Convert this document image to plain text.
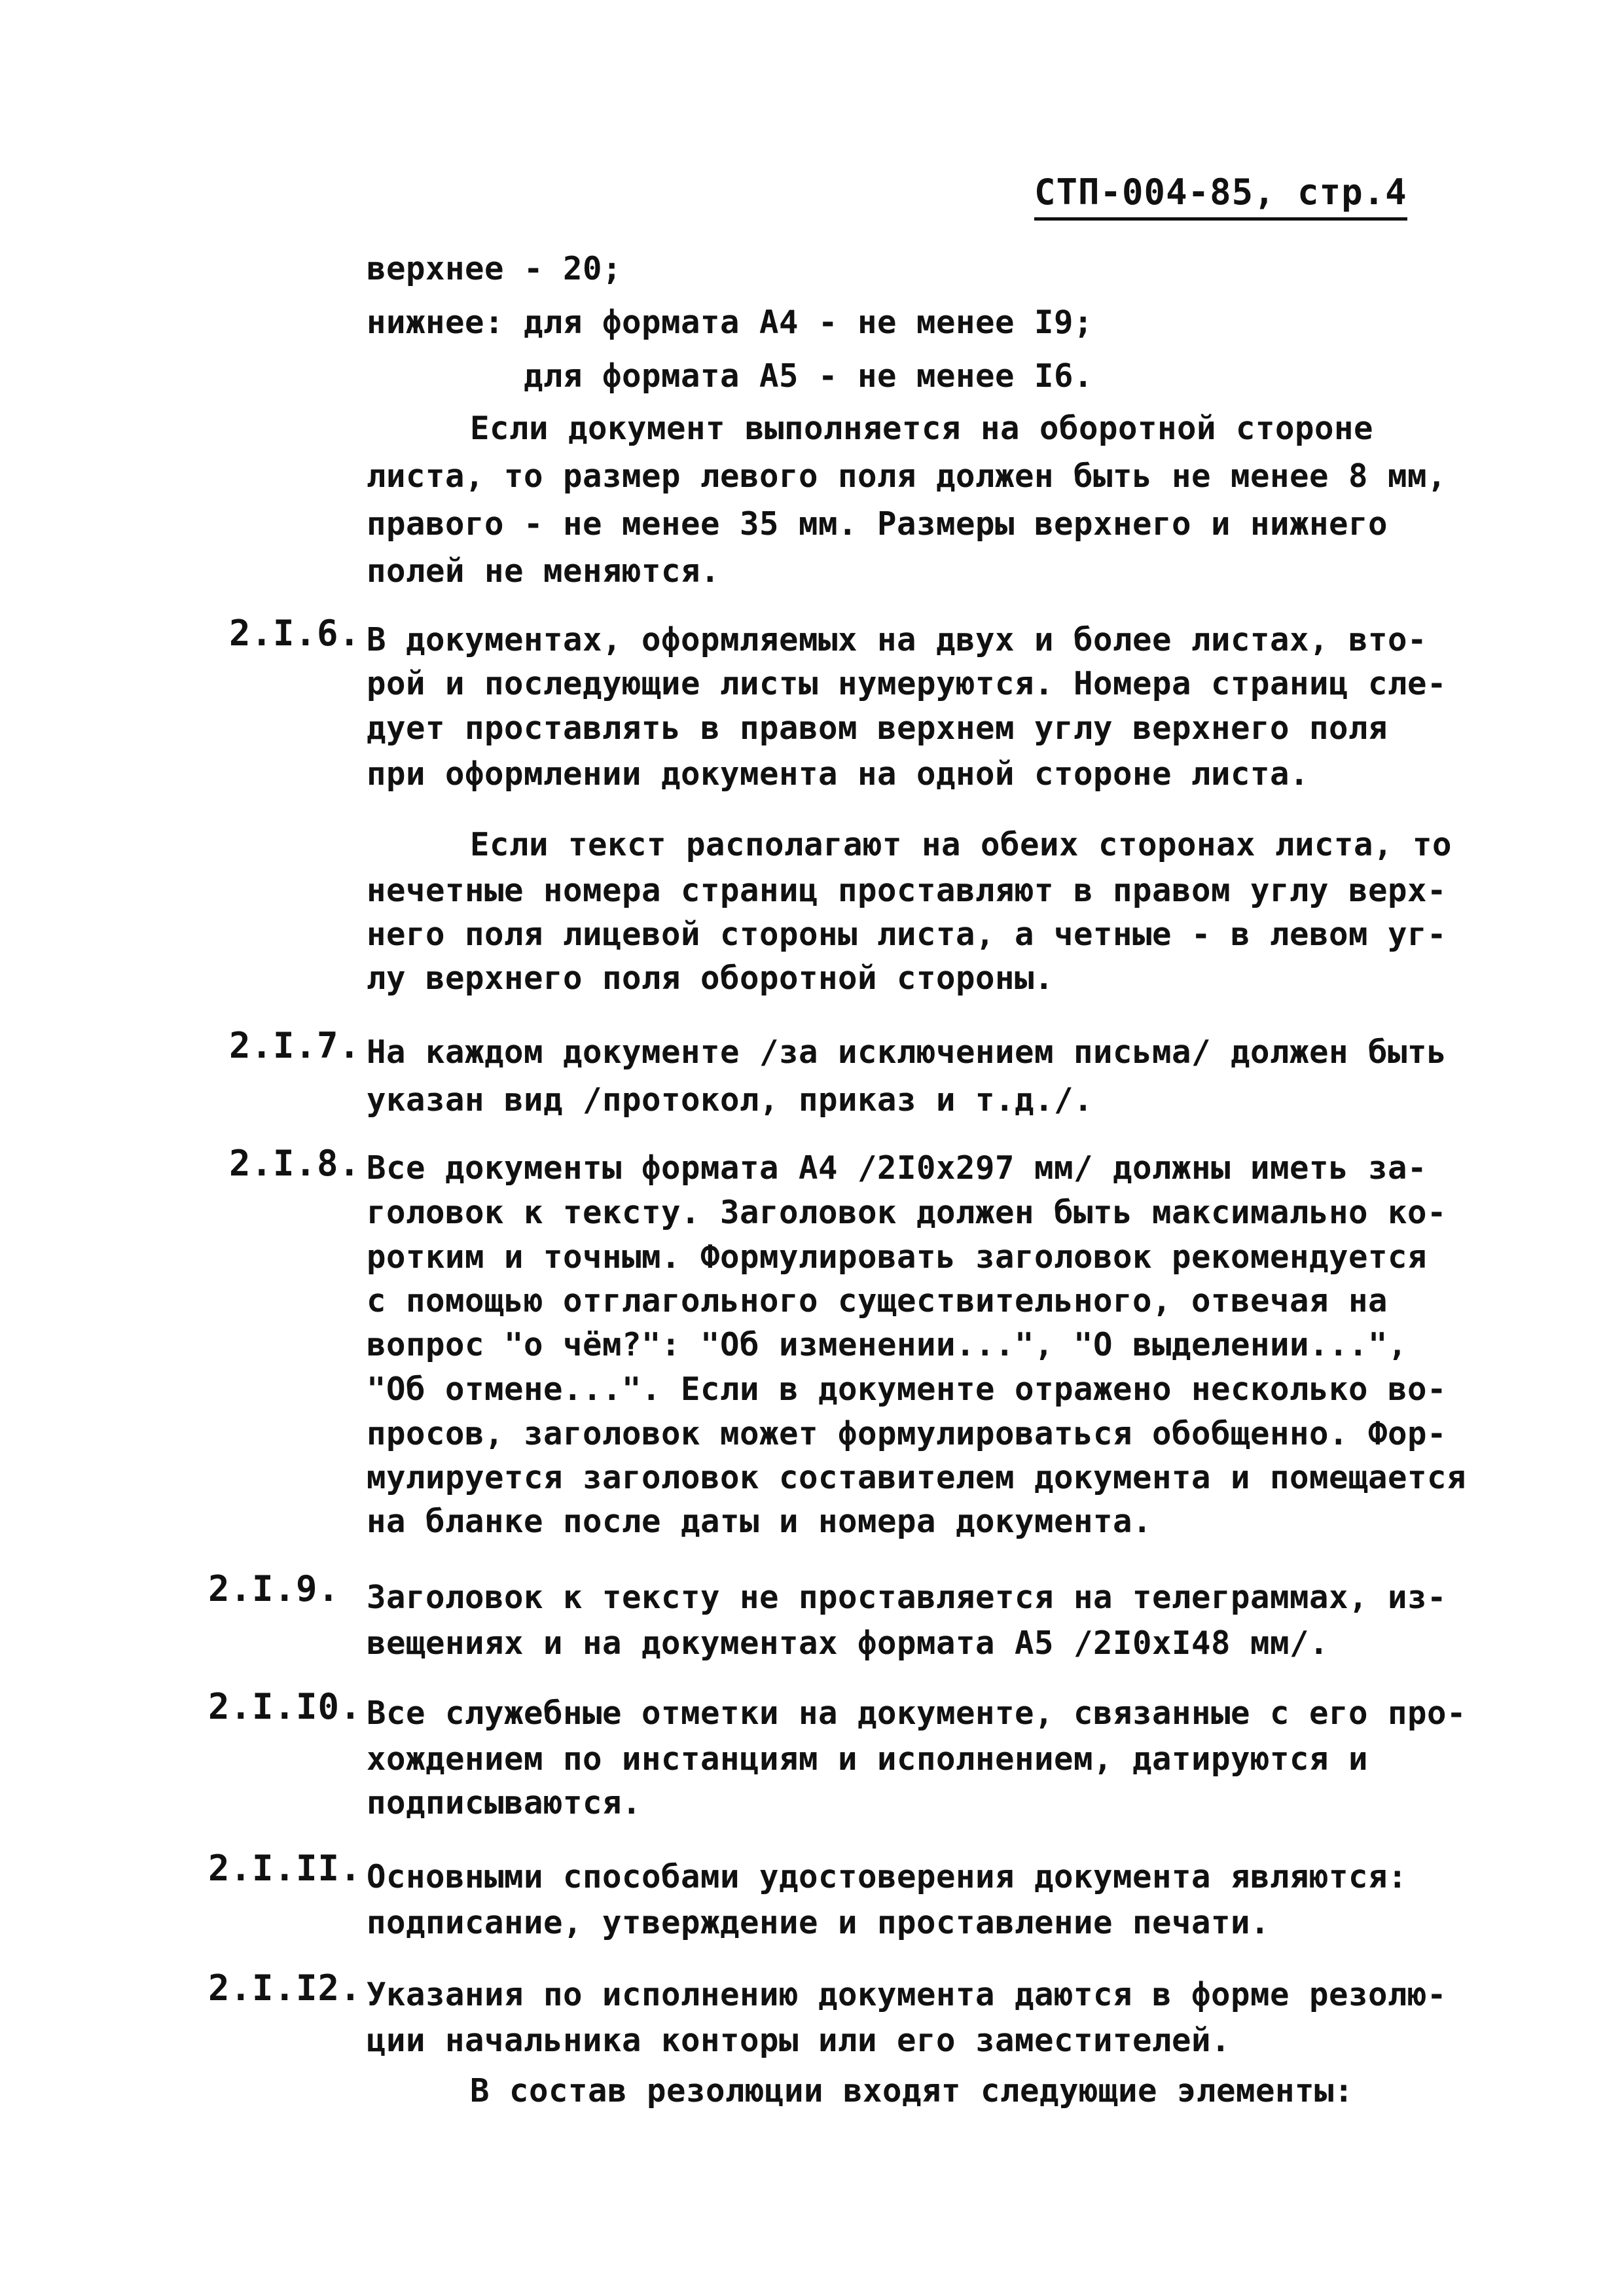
СТП-004-85, стр.4
верхнее - 20;
нижнее: для формата А4 - не менее I9;
для формата А5 - не менее I6.
Если документ выполняется на оборотной стороне
листа, то размер левого поля должен быть не менее 8 мм,
правого - не менее 35 мм. Размеры верхнего и нижнего
полей не меняются.
2.I.6. В документах, оформляемых на двух и более листах, вто-
рой и последующие листы нумеруются. Номера страниц сле-
дует проставлять в правом верхнем углу верхнего поля
при оформлении документа на одной стороне листа.
Если текст располагают на обеих сторонах листа, то
нечетные номера страниц проставляют в правом углу верх-
него поля лицевой стороны листа, а четные - в левом уг-
лу верхнего поля оборотной стороны.
2.I.7. На каждом документе /за исключением письма/ должен быть
указан вид /протокол, приказ и т.д./.
2.I.8. Все документы формата А4 /2I0х297 мм/ должны иметь за-
головок к тексту. Заголовок должен быть максимально ко-
ротким и точным. Формулировать заголовок рекомендуется
с помощью отглагольного существительного, отвечая на
вопрос "о чём?": "Об изменении...", "О выделении...",
"Об отмене...". Если в документе отражено несколько во-
просов, заголовок может формулироваться обобщенно. Фор-
мулируется заголовок составителем документа и помещается
на бланке после даты и номера документа.
2.I.9. Заголовок к тексту не проставляется на телеграммах, из-
вещениях и на документах формата А5 /2I0хI48 мм/.
2.I.I0. Все служебные отметки на документе, связанные с его про-
хождением по инстанциям и исполнением, датируются и
подписываются.
2.I.II. Основными способами удостоверения документа являются:
подписание, утверждение и проставление печати.
2.I.I2. Указания по исполнению документа даются в форме резолю-
ции начальника конторы или его заместителей.
В состав резолюции входят следующие элементы:
